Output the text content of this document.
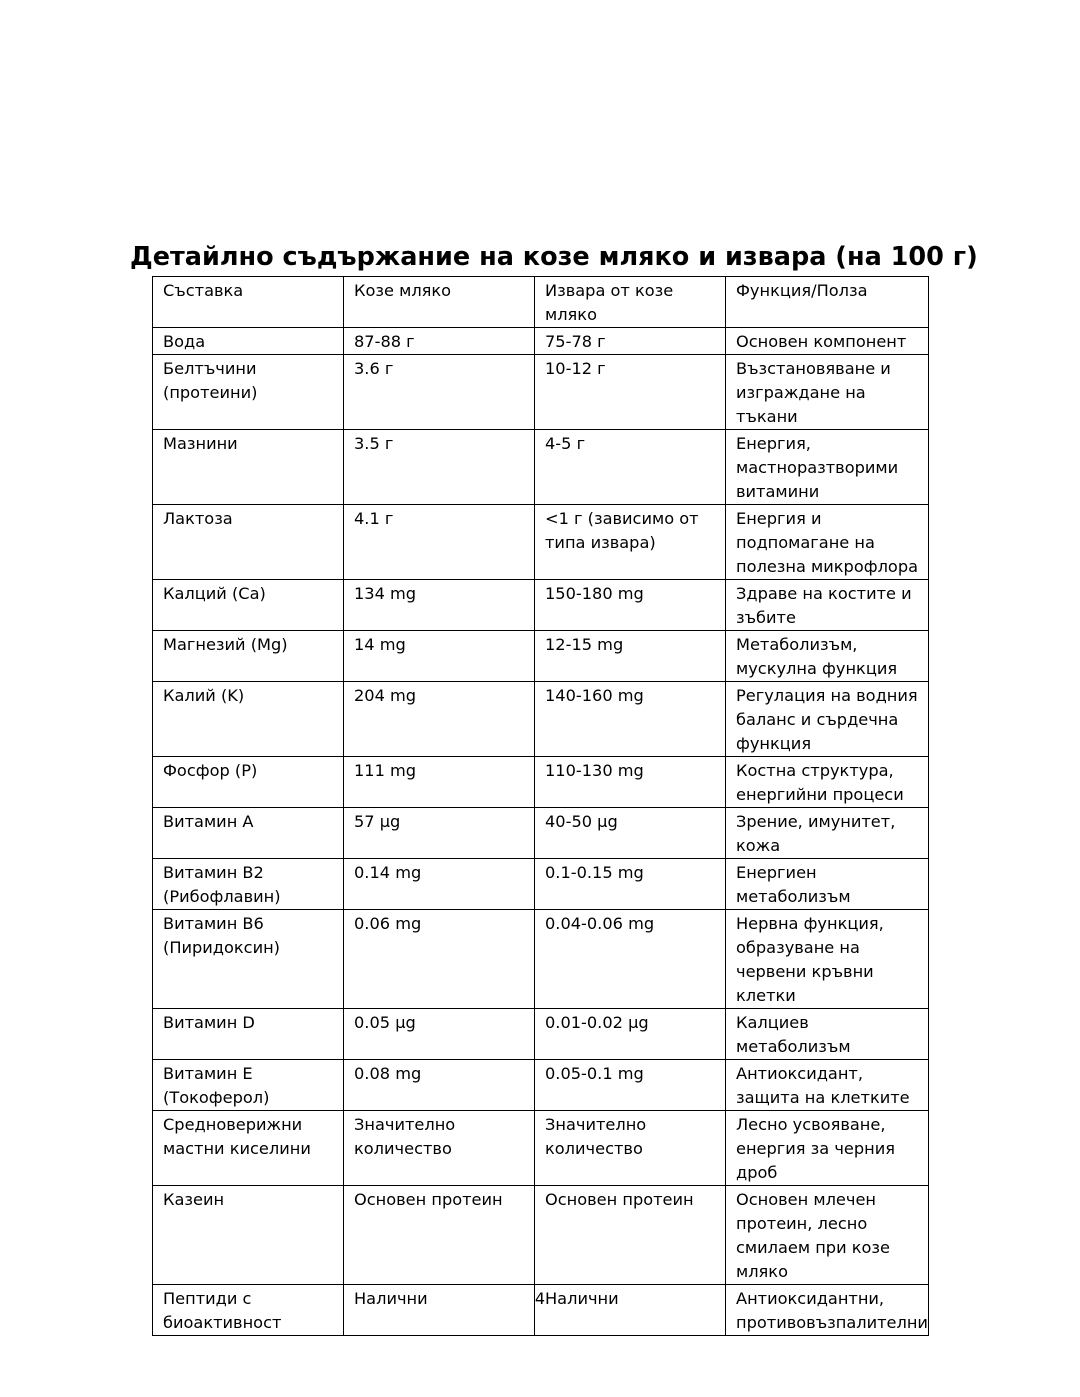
Детайлно съдържание на козе мляко и извара (на 100 г)
Съставка	Козе мляко	Извара от козе мляко	Функция/Полза
Вода	87-88 г	75-78 г	Основен компонент
Белтъчини (протеини)	3.6 г	10-12 г	Възстановяване и изграждане на тъкани
Мазнини	3.5 г	4-5 г	Енергия, мастноразтворими витамини
Лактоза	4.1 г	<1 г (зависимо от типа извара)	Енергия и подпомагане на полезна микрофлора
Калций (Ca)	134 mg	150-180 mg	Здраве на костите и зъбите
Магнезий (Mg)	14 mg	12-15 mg	Метаболизъм, мускулна функция
Калий (K)	204 mg	140-160 mg	Регулация на водния баланс и сърдечна функция
Фосфор (P)	111 mg	110-130 mg	Костна структура, енергийни процеси
Витамин A	57 µg	40-50 µg	Зрение, имунитет, кожа
Витамин B2 (Рибофлавин)	0.14 mg	0.1-0.15 mg	Енергиен метаболизъм
Витамин B6 (Пиридоксин)	0.06 mg	0.04-0.06 mg	Нервна функция, образуване на червени кръвни клетки
Витамин D	0.05 µg	0.01-0.02 µg	Калциев метаболизъм
Витамин E (Токоферол)	0.08 mg	0.05-0.1 mg	Антиоксидант, защита на клетките
Средноверижни мастни киселини	Значително количество	Значително количество	Лесно усвояване, енергия за черния дроб
Казеин	Основен протеин	Основен протеин	Основен млечен протеин, лесно смилаем при козе мляко
Пептиди с биоактивност	Налични	Налични	Антиоксидантни, противовъзпалителни
4
